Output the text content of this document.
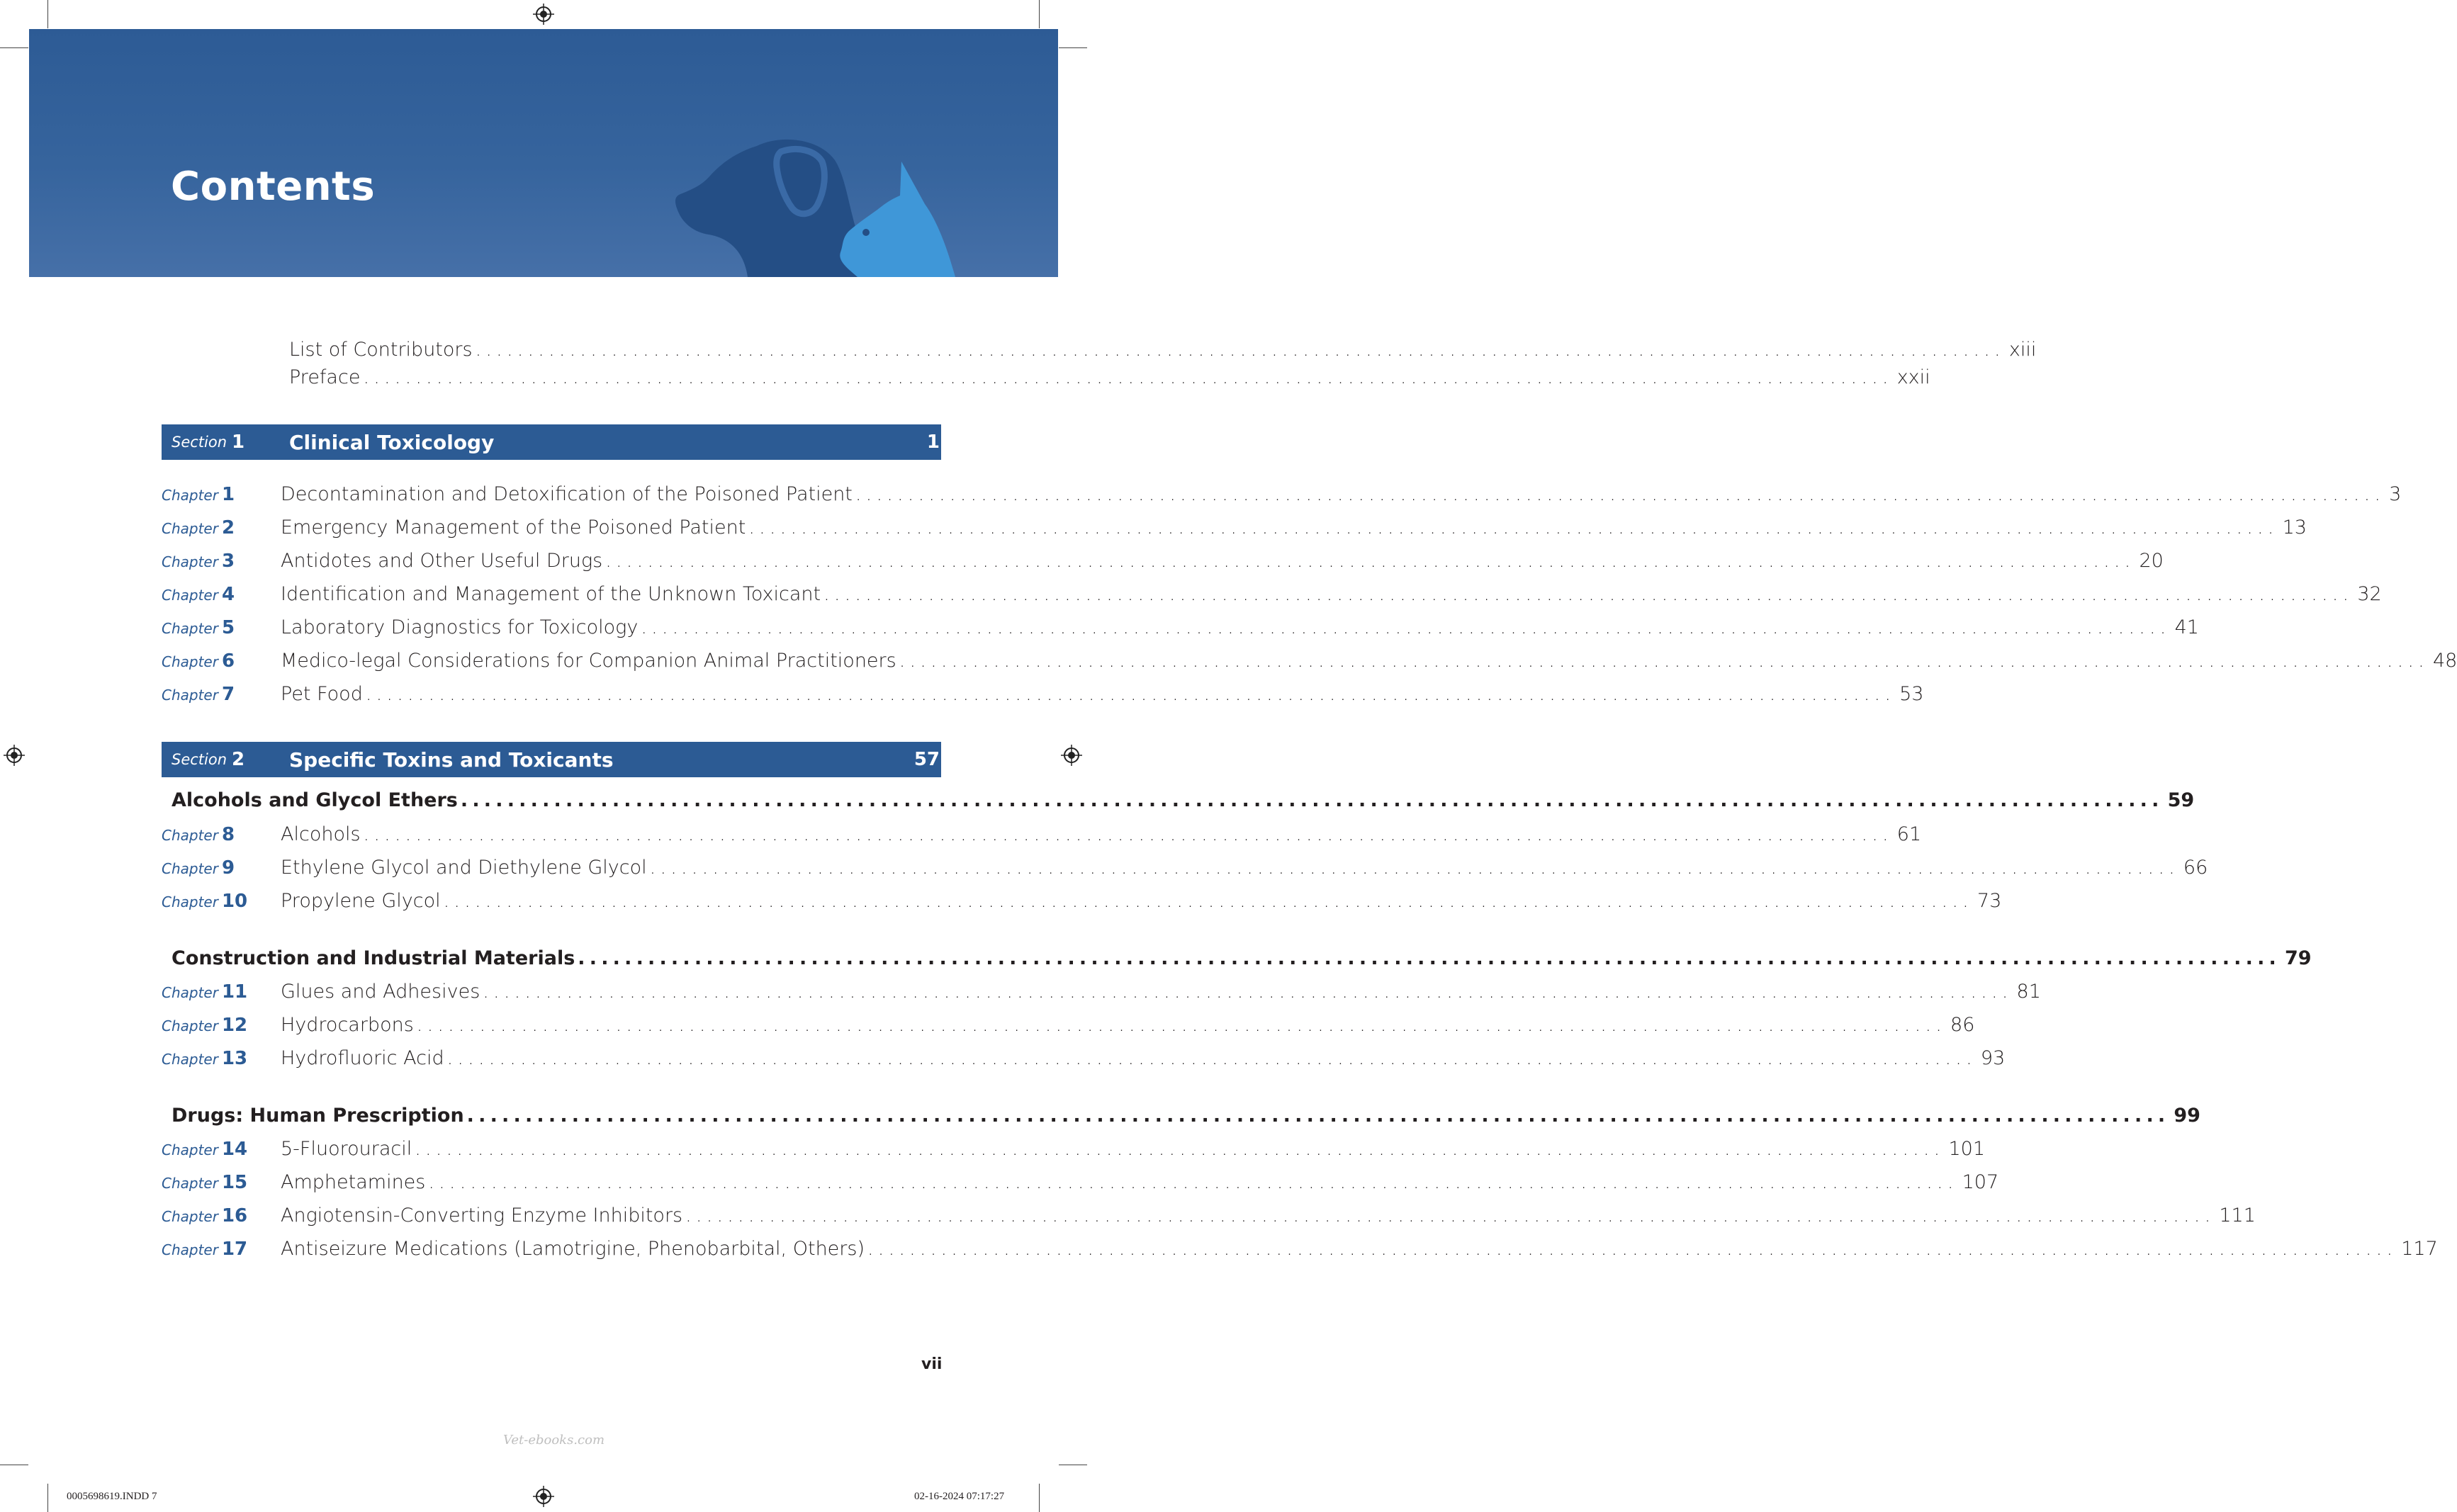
Contents
List of Contributors .................................................................................................................................................. xiii
Preface .................................................................................................................................................. xxii
Section 1	Clinical Toxicology	1
Chapter 1	Decontamination and Detoxification of the Poisoned Patient .................................................................................................................................................. 3
Chapter 2	Emergency Management of the Poisoned Patient .................................................................................................................................................. 13
Chapter 3	Antidotes and Other Useful Drugs .................................................................................................................................................. 20
Chapter 4	Identification and Management of the Unknown Toxicant .................................................................................................................................................. 32
Chapter 5	Laboratory Diagnostics for Toxicology .................................................................................................................................................. 41
Chapter 6	Medico-legal Considerations for Companion Animal Practitioners .................................................................................................................................................. 48
Chapter 7	Pet Food .................................................................................................................................................. 53
Section 2	Specific Toxins and Toxicants	57
Alcohols and Glycol Ethers .................................................................................................................................................. 59
Chapter 8	Alcohols .................................................................................................................................................. 61
Chapter 9	Ethylene Glycol and Diethylene Glycol .................................................................................................................................................. 66
Chapter 10	Propylene Glycol .................................................................................................................................................. 73
Construction and Industrial Materials .................................................................................................................................................. 79
Chapter 11	Glues and Adhesives .................................................................................................................................................. 81
Chapter 12	Hydrocarbons .................................................................................................................................................. 86
Chapter 13	Hydrofluoric Acid .................................................................................................................................................. 93
Drugs: Human Prescription .................................................................................................................................................. 99
Chapter 14	5-Fluorouracil .................................................................................................................................................. 101
Chapter 15	Amphetamines .................................................................................................................................................. 107
Chapter 16	Angiotensin-Converting Enzyme Inhibitors .................................................................................................................................................. 111
Chapter 17	Antiseizure Medications (Lamotrigine, Phenobarbital, Others) .................................................................................................................................................. 117
vii
Vet-ebooks.com
0005698619.INDD 7	02-16-2024 07:17:27
